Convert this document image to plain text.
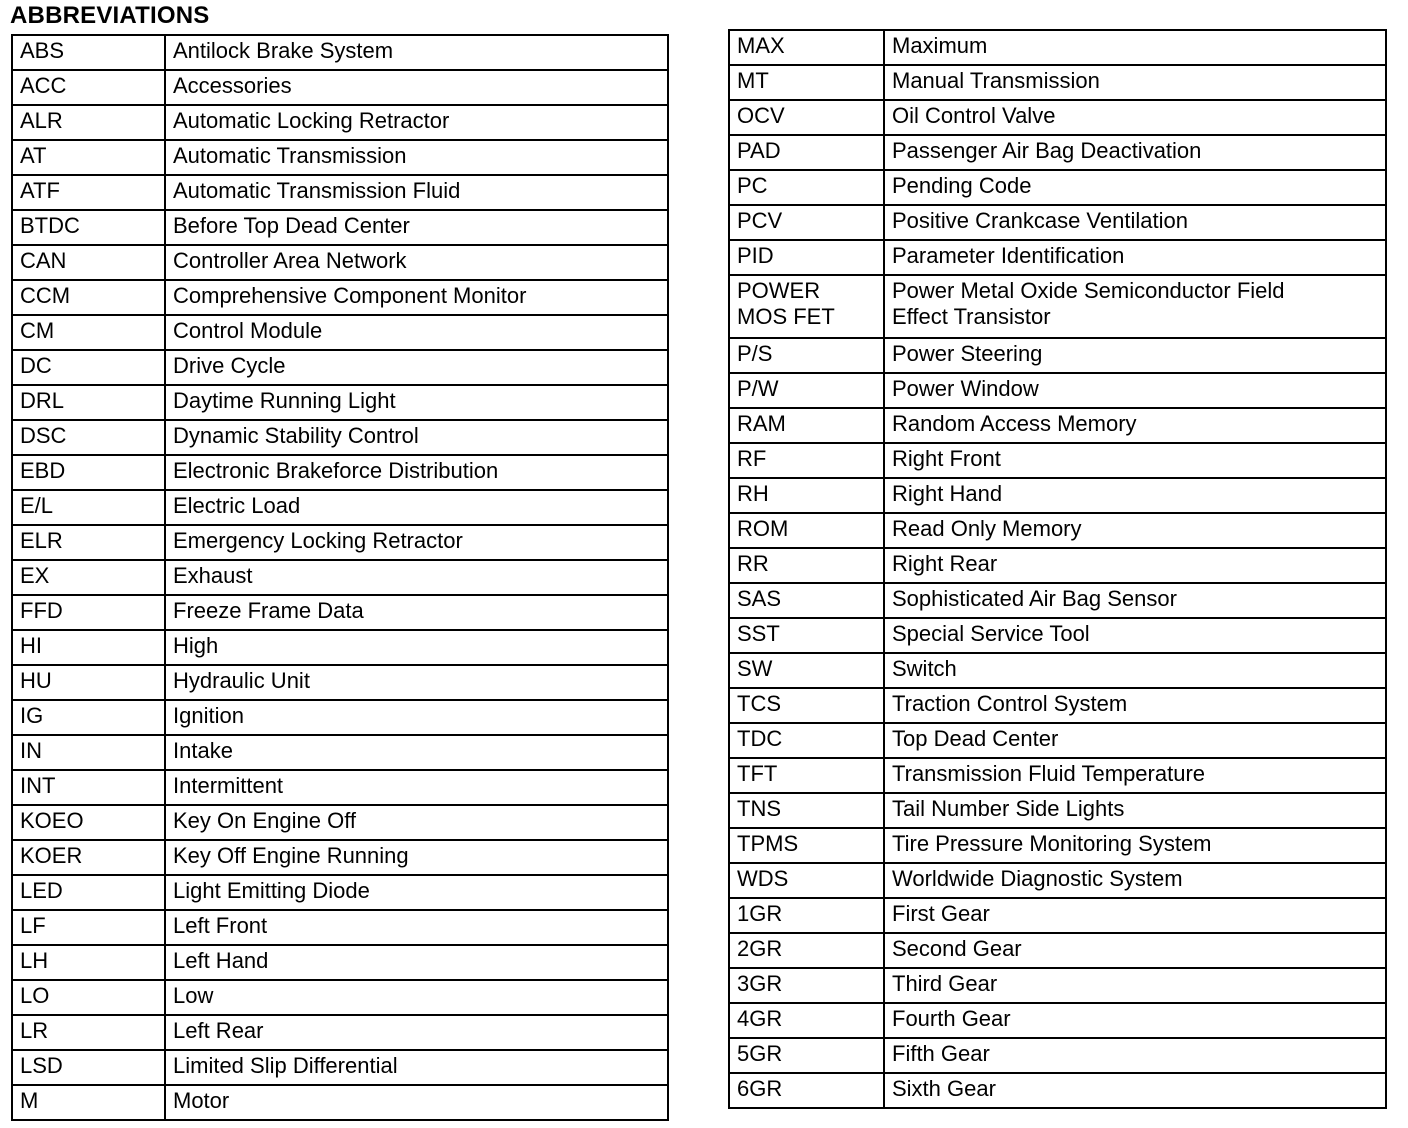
ABBREVIATIONS
ABS	Antilock Brake System

ACC	Accessories

ALR	Automatic Locking Retractor

AT	Automatic Transmission

ATF	Automatic Transmission Fluid

BTDC	Before Top Dead Center

CAN	Controller Area Network

CCM	Comprehensive Component Monitor

CM	Control Module

DC	Drive Cycle

DRL	Daytime Running Light

DSC	Dynamic Stability Control

EBD	Electronic Brakeforce Distribution

E/L	Electric Load

ELR	Emergency Locking Retractor

EX	Exhaust

FFD	Freeze Frame Data

HI	High

HU	Hydraulic Unit

IG	Ignition

IN	Intake

INT	Intermittent

KOEO	Key On Engine Off

KOER	Key Off Engine Running

LED	Light Emitting Diode

LF	Left Front

LH	Left Hand

LO	Low

LR	Left Rear

LSD	Limited Slip Differential

M	Motor
MAX	Maximum

MT	Manual Transmission

OCV	Oil Control Valve

PAD	Passenger Air Bag Deactivation

PC	Pending Code

PCV	Positive Crankcase Ventilation

PID	Parameter Identification

POWER
MOS FET	Power Metal Oxide Semiconductor Field
Effect Transistor

P/S	Power Steering

P/W	Power Window

RAM	Random Access Memory

RF	Right Front

RH	Right Hand

ROM	Read Only Memory

RR	Right Rear

SAS	Sophisticated Air Bag Sensor

SST	Special Service Tool

SW	Switch

TCS	Traction Control System

TDC	Top Dead Center

TFT	Transmission Fluid Temperature

TNS	Tail Number Side Lights

TPMS	Tire Pressure Monitoring System

WDS	Worldwide Diagnostic System

1GR	First Gear

2GR	Second Gear

3GR	Third Gear

4GR	Fourth Gear

5GR	Fifth Gear

6GR	Sixth Gear
